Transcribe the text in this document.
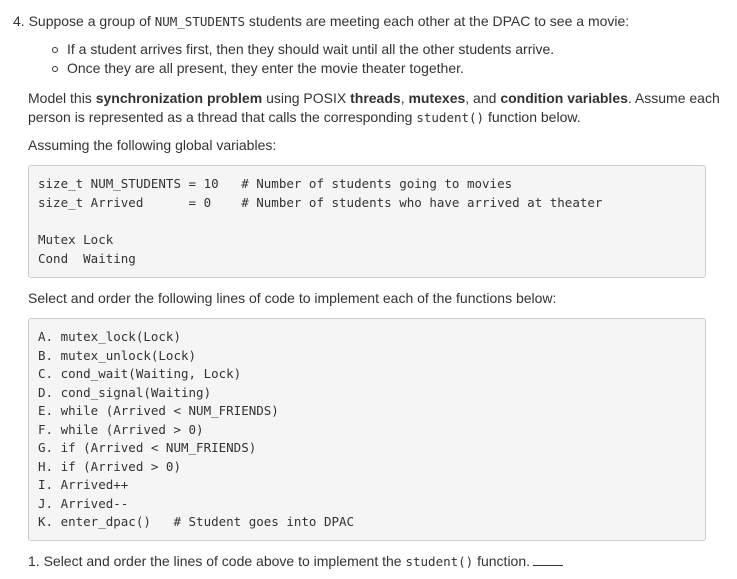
4. Suppose a group of NUM_STUDENTS students are meeting each other at the DPAC to see a movie:
If a student arrives first, then they should wait until all the other students arrive.
Once they are all present, they enter the movie theater together.
Model this synchronization problem using POSIX threads, mutexes, and condition variables. Assume each
person is represented as a thread that calls the corresponding student() function below.
Assuming the following global variables:
size_t NUM_STUDENTS = 10   # Number of students going to movies
size_t Arrived      = 0    # Number of students who have arrived at theater
Mutex Lock
Cond  Waiting
Select and order the following lines of code to implement each of the functions below:
A. mutex_lock(Lock)
B. mutex_unlock(Lock)
C. cond_wait(Waiting, Lock)
D. cond_signal(Waiting)
E. while (Arrived < NUM_FRIENDS)
F. while (Arrived > 0)
G. if (Arrived < NUM_FRIENDS)
H. if (Arrived > 0)
I. Arrived++
J. Arrived--
K. enter_dpac()   # Student goes into DPAC
1. Select and order the lines of code above to implement the student() function.
